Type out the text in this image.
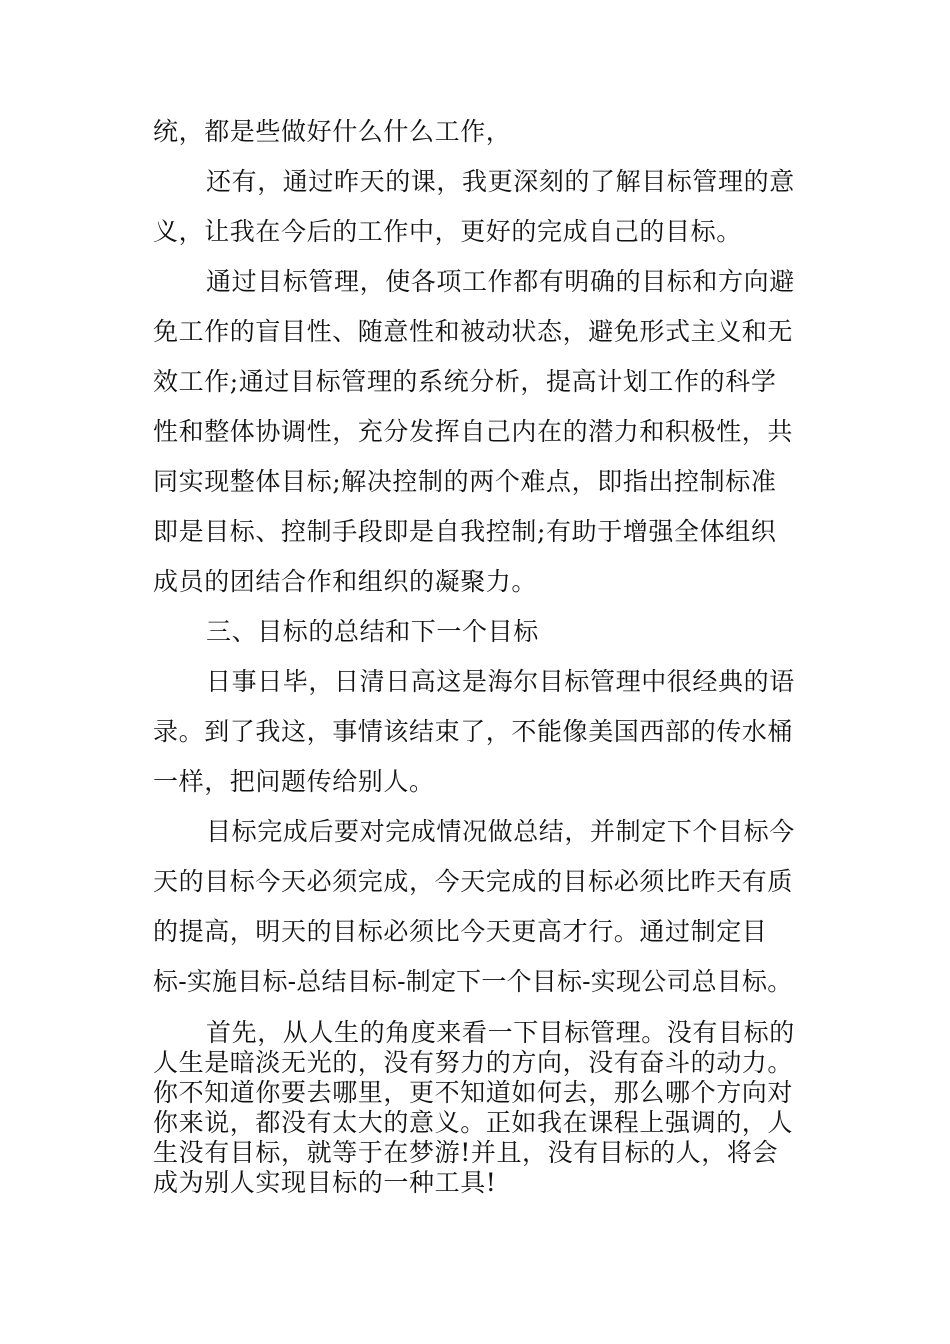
统，都是些做好什么什么工作，
还有，通过昨天的课，我更深刻的了解目标管理的意
义，让我在今后的工作中，更好的完成自己的目标。
通过目标管理，使各项工作都有明确的目标和方向避
免工作的盲目性、随意性和被动状态，避免形式主义和无
效工作;通过目标管理的系统分析，提高计划工作的科学
性和整体协调性，充分发挥自己内在的潜力和积极性，共
同实现整体目标;解决控制的两个难点，即指出控制标准
即是目标、控制手段即是自我控制;有助于增强全体组织
成员的团结合作和组织的凝聚力。
三、目标的总结和下一个目标
日事日毕，日清日高这是海尔目标管理中很经典的语
录。到了我这，事情该结束了，不能像美国西部的传水桶
一样，把问题传给别人。
目标完成后要对完成情况做总结，并制定下个目标今
天的目标今天必须完成，今天完成的目标必须比昨天有质
的提高，明天的目标必须比今天更高才行。通过制定目
标-实施目标-总结目标-制定下一个目标-实现公司总目标。
首先，从人生的角度来看一下目标管理。没有目标的
人生是暗淡无光的，没有努力的方向，没有奋斗的动力。
你不知道你要去哪里，更不知道如何去，那么哪个方向对
你来说，都没有太大的意义。正如我在课程上强调的，人
生没有目标，就等于在梦游!并且，没有目标的人，将会
成为别人实现目标的一种工具!
